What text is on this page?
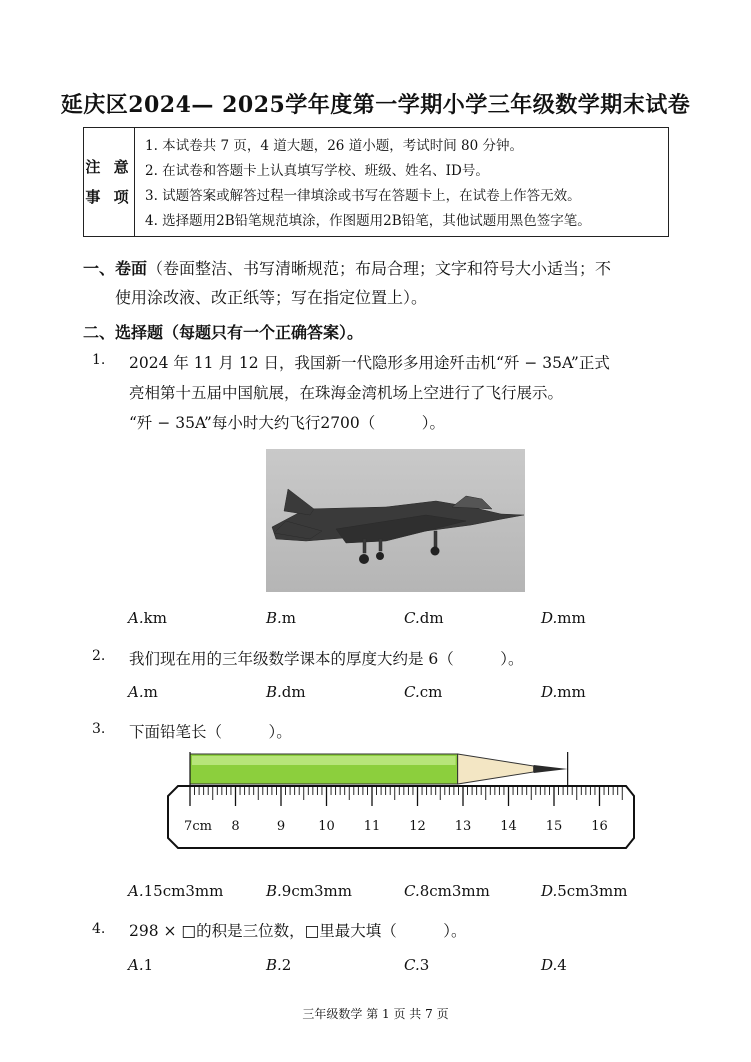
延庆区2024— 2025学年度第一学期小学三年级数学期末试卷
注 意
事 项
1. 本试卷共 7 页，4 道大题，26 道小题，考试时间 80 分钟。
2. 在试卷和答题卡上认真填写学校、班级、姓名、ID号。
3. 试题答案或解答过程一律填涂或书写在答题卡上，在试卷上作答无效。
4. 选择题用2B铅笔规范填涂，作图题用2B铅笔，其他试题用黑色签字笔。
一、卷面（卷面整洁、书写清晰规范；布局合理；文字和符号大小适当；不
使用涂改液、改正纸等；写在指定位置上）。
二、选择题（每题只有一个正确答案）。
1. 2024 年 11 月 12 日，我国新一代隐形多用途歼击机“歼 − 35A”正式
亮相第十五届中国航展，在珠海金湾机场上空进行了飞行展示。
“歼 − 35A”每小时大约飞行2700（　　　）。
A.km	B.m	C.dm	D.mm
2. 我们现在用的三年级数学课本的厚度大约是 6（　　　）。
A.m	B.dm	C.cm	D.mm
3. 下面铅笔长（　　　）。
7cm 8	9	10 11 12 13 14 15 16
A.15cm3mm	B.9cm3mm	C.8cm3mm	D.5cm3mm
4. 298 × □的积是三位数，□里最大填（　　　）。
A.1	B.2	C.3	D.4
三年级数学 第 1 页 共 7 页
